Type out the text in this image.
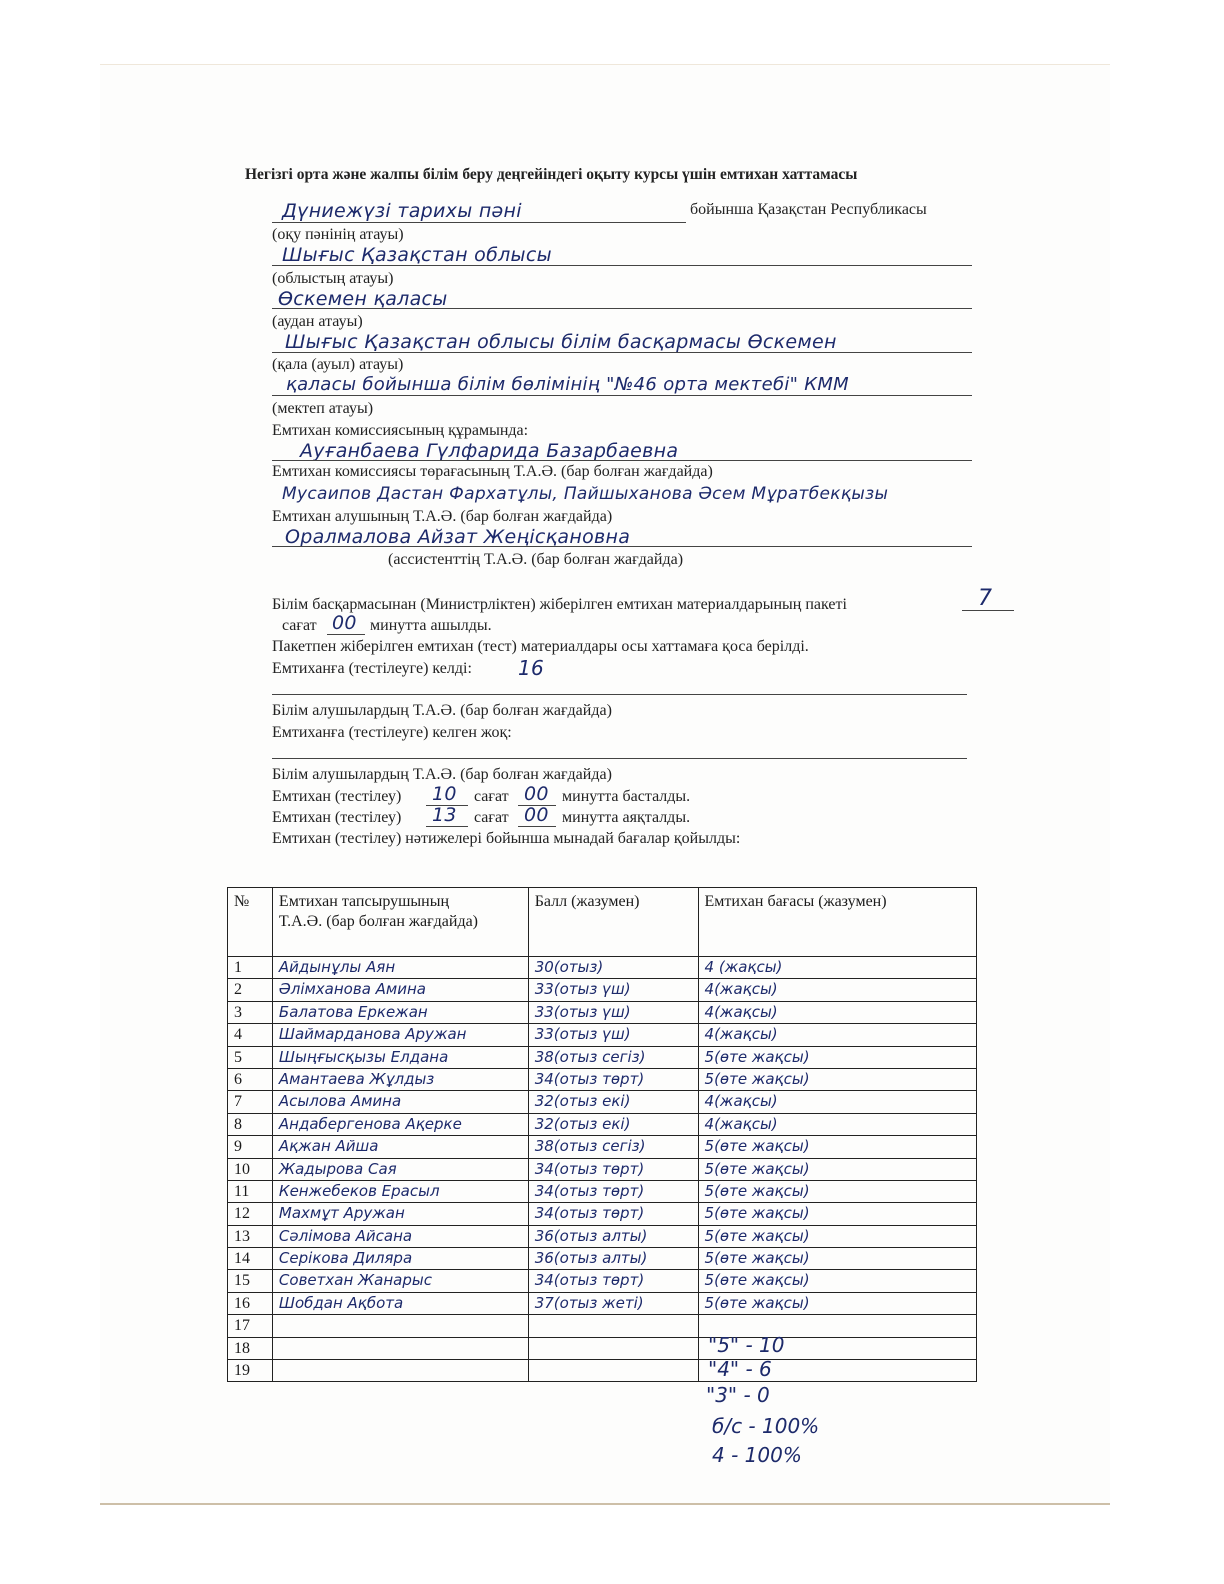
Негізгі орта және жалпы білім беру деңгейіндегі оқыту курсы үшін емтихан хаттамасы
Дүниежүзі тарихы пәні	бойынша Қазақстан Республикасы
(оқу пәнінің атауы)
Шығыс Қазақстан облысы
(облыстың атауы)
Өскемен қаласы
(аудан атауы)
Шығыс Қазақстан облысы білім басқармасы Өскемен
(қала (ауыл) атауы)
қаласы бойынша білім бөлімінің "№46 орта мектебі" КММ
(мектеп атауы)
Емтихан комиссиясының құрамында:
Ауғанбаева Гүлфарида Базарбаевна
Емтихан комиссиясы төрағасының Т.А.Ә. (бар болған жағдайда)
Мусаипов Дастан Фархатұлы, Пайшыханова Әсем Мұратбекқызы
Емтихан алушының Т.А.Ә. (бар болған жағдайда)
Оралмалова Айзат Жеңісқановна
(ассистенттің Т.А.Ә. (бар болған жағдайда)
Білім басқармасынан (Министрліктен) жіберілген емтихан материалдарының пакеті	7
сағат 00 минутта ашылды.
Пакетпен жіберілген емтихан (тест) материалдары осы хаттамаға қоса берілді.
Емтиханға (тестілеуге) келді: 16
Білім алушылардың Т.А.Ә. (бар болған жағдайда)
Емтиханға (тестілеуге) келген жоқ:
Білім алушылардың Т.А.Ә. (бар болған жағдайда)
Емтихан (тестілеу) 10 сағат 00 минутта басталды.
Емтихан (тестілеу) 13 сағат 00 минутта аяқталды.
Емтихан (тестілеу) нәтижелері бойынша мынадай бағалар қойылды:
№	Емтихан тапсырушының Т.А.Ә. (бар болған жағдайда)	Балл (жазумен)	Емтихан бағасы (жазумен)
1	Айдынұлы Аян	30(отыз)	4 (жақсы)
2	Әлімханова Амина	33(отыз үш)	4(жақсы)
3	Балатова Еркежан	33(отыз үш)	4(жақсы)
4	Шаймарданова Аружан	33(отыз үш)	4(жақсы)
5	Шыңғысқызы Елдана	38(отыз сегіз)	5(өте жақсы)
6	Амантаева Жұлдыз	34(отыз төрт)	5(өте жақсы)
7	Асылова Амина	32(отыз екі)	4(жақсы)
8	Андабергенова Ақерке	32(отыз екі)	4(жақсы)
9	Ақжан Айша	38(отыз сегіз)	5(өте жақсы)
10	Жадырова Сая	34(отыз төрт)	5(өте жақсы)
11	Кенжебеков Ерасыл	34(отыз төрт)	5(өте жақсы)
12	Махмұт Аружан	34(отыз төрт)	5(өте жақсы)
13	Сәлімова Айсана	36(отыз алты)	5(өте жақсы)
14	Серікова Диляра	36(отыз алты)	5(өте жақсы)
15	Советхан Жанарыс	34(отыз төрт)	5(өте жақсы)
16	Шобдан Ақбота	37(отыз жеті)	5(өте жақсы)
17			
18			
19			
"5" - 10
"4" - 6
"3" - 0
б/с - 100%
4 - 100%
